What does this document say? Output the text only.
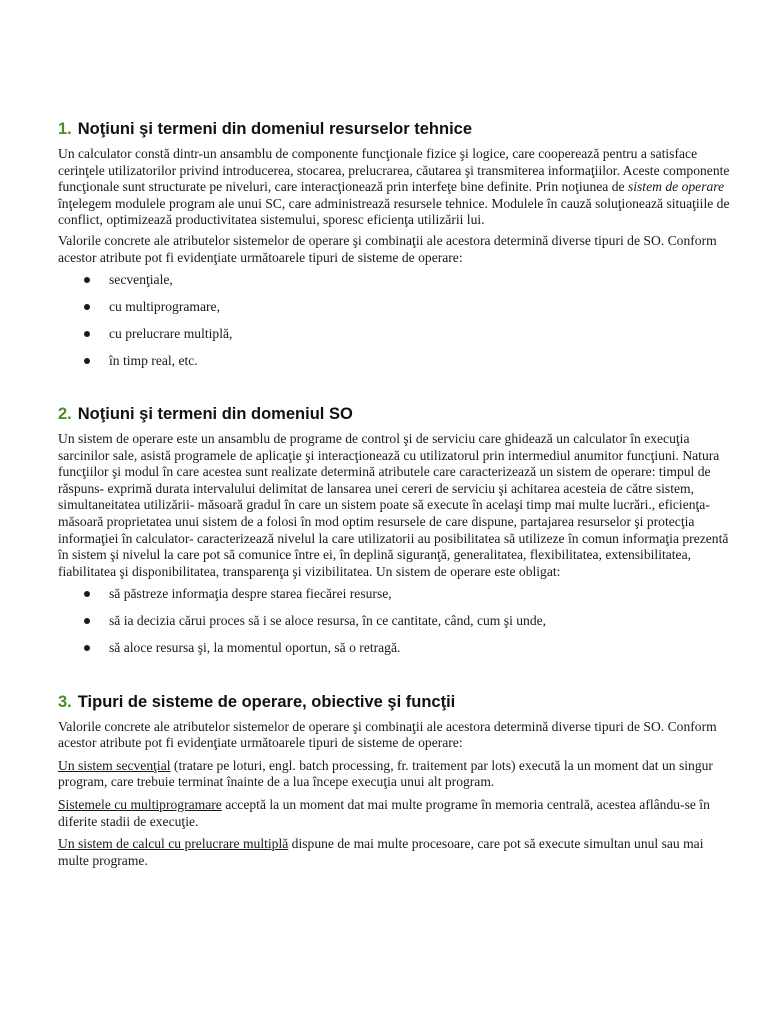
1. Noţiuni şi termeni din domeniul resurselor tehnice

Un calculator constă dintr-un ansamblu de componente funcţionale fizice şi logice, care cooperează pentru a satisface cerinţele utilizatorilor privind introducerea, stocarea, prelucrarea, căutarea şi transmiterea informaţiilor. Aceste componente funcţionale sunt structurate pe niveluri, care interacţionează prin interfeţe bine definite. Prin noţiunea de sistem de operare înţelegem modulele program ale unui SC, care administrează resursele tehnice. Modulele în cauză soluţionează situaţiile de conflict, optimizează productivitatea sistemului, sporesc eficienţa utilizării lui.

Valorile concrete ale atributelor sistemelor de operare şi combinaţii ale acestora determină diverse tipuri de SO. Conform acestor atribute pot fi evidenţiate următoarele tipuri de sisteme de operare:

secvenţiale,
cu multiprogramare,
cu prelucrare multiplă,
în timp real, etc.
2. Noţiuni şi termeni din domeniul SO

Un sistem de operare este un ansamblu de programe de control şi de serviciu care ghidează un calculator în execuţia sarcinilor sale, asistă programele de aplicaţie şi interacţionează cu utilizatorul prin intermediul anumitor funcţiuni. Natura funcţiilor şi modul în care acestea sunt realizate determină atributele care caracterizează un sistem de operare: timpul de răspuns- exprimă durata intervalului delimitat de lansarea unei cereri de serviciu şi achitarea acesteia de către sistem, simultaneitatea utilizării- măsoară gradul în care un sistem poate să execute în acelaşi timp mai multe lucrări., eficienţa- măsoară proprietatea unui sistem de a folosi în mod optim resursele de care dispune, partajarea resurselor şi protecţia informaţiei în calculator- caracterizează nivelul la care utilizatorii au posibilitatea să utilizeze în comun informaţia prezentă în sistem şi nivelul la care pot să comunice între ei, în deplină siguranţă, generalitatea, flexibilitatea, extensibilitatea, fiabilitatea şi disponibilitatea, transparenţa şi vizibilitatea. Un sistem de operare este obligat:

să păstreze informaţia despre starea fiecărei resurse,
să ia decizia cărui proces să i se aloce resursa, în ce cantitate, când, cum şi unde,
să aloce resursa şi, la momentul oportun, să o retragă.
3. Tipuri de sisteme de operare, obiective şi funcţii

Valorile concrete ale atributelor sistemelor de operare şi combinaţii ale acestora determină diverse tipuri de SO. Conform acestor atribute pot fi evidenţiate următoarele tipuri de sisteme de operare:

Un sistem secvenţial (tratare pe loturi, engl. batch processing, fr. traitement par lots) execută la un moment dat un singur program, care trebuie terminat înainte de a lua începe execuţia unui alt program.

Sistemele cu multiprogramare acceptă la un moment dat mai multe programe în memoria centrală, acestea aflându-se în diferite stadii de execuţie.

Un sistem de calcul cu prelucrare multiplă dispune de mai multe procesoare, care pot să execute simultan unul sau mai multe programe.
